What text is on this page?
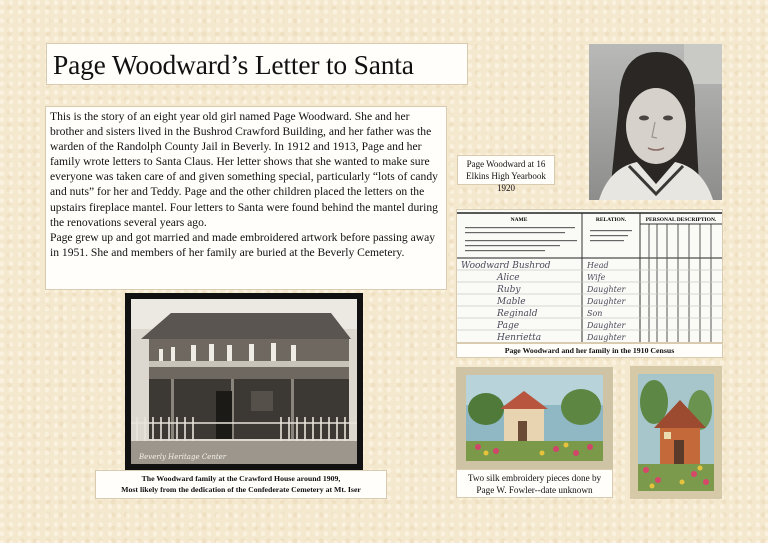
Page Woodward’s Letter to Santa

This is the story of an eight year old girl named Page Woodward. She and her brother and sisters lived in the Bushrod Crawford Building, and her father was the warden of the Randolph County Jail in Beverly. In 1912 and 1913, Page and her family wrote letters to Santa Claus. Her letter shows that she wanted to make sure everyone was taken care of and given something special, particularly “lots of candy and nuts” for her and Teddy. Page and the other children placed the letters on the upstairs fireplace mantel. Four letters to Santa were found behind the mantel during the renovations several years ago.

Page grew up and got married and made embroidered artwork before passing away in 1951. She and members of her family are buried at the Beverly Cemetery.

Page Woodward at 16
Elkins High Yearbook 1920
NAME	RELATION.	PERSONAL DESCRIPTION.
Woodward Bushrod
Alice
Ruby
Mable
Reginald
Page
Henrietta
Head
Wife
Daughter
Daughter
Son
Daughter
Daughter
Page Woodward and her family in the 1910 Census
Beverly Heritage Center
The Woodward family at the Crawford House around 1909,
Most likely from the dedication of the Confederate Cemetery at Mt. Iser
Two silk embroidery pieces done by
Page W. Fowler--date unknown
